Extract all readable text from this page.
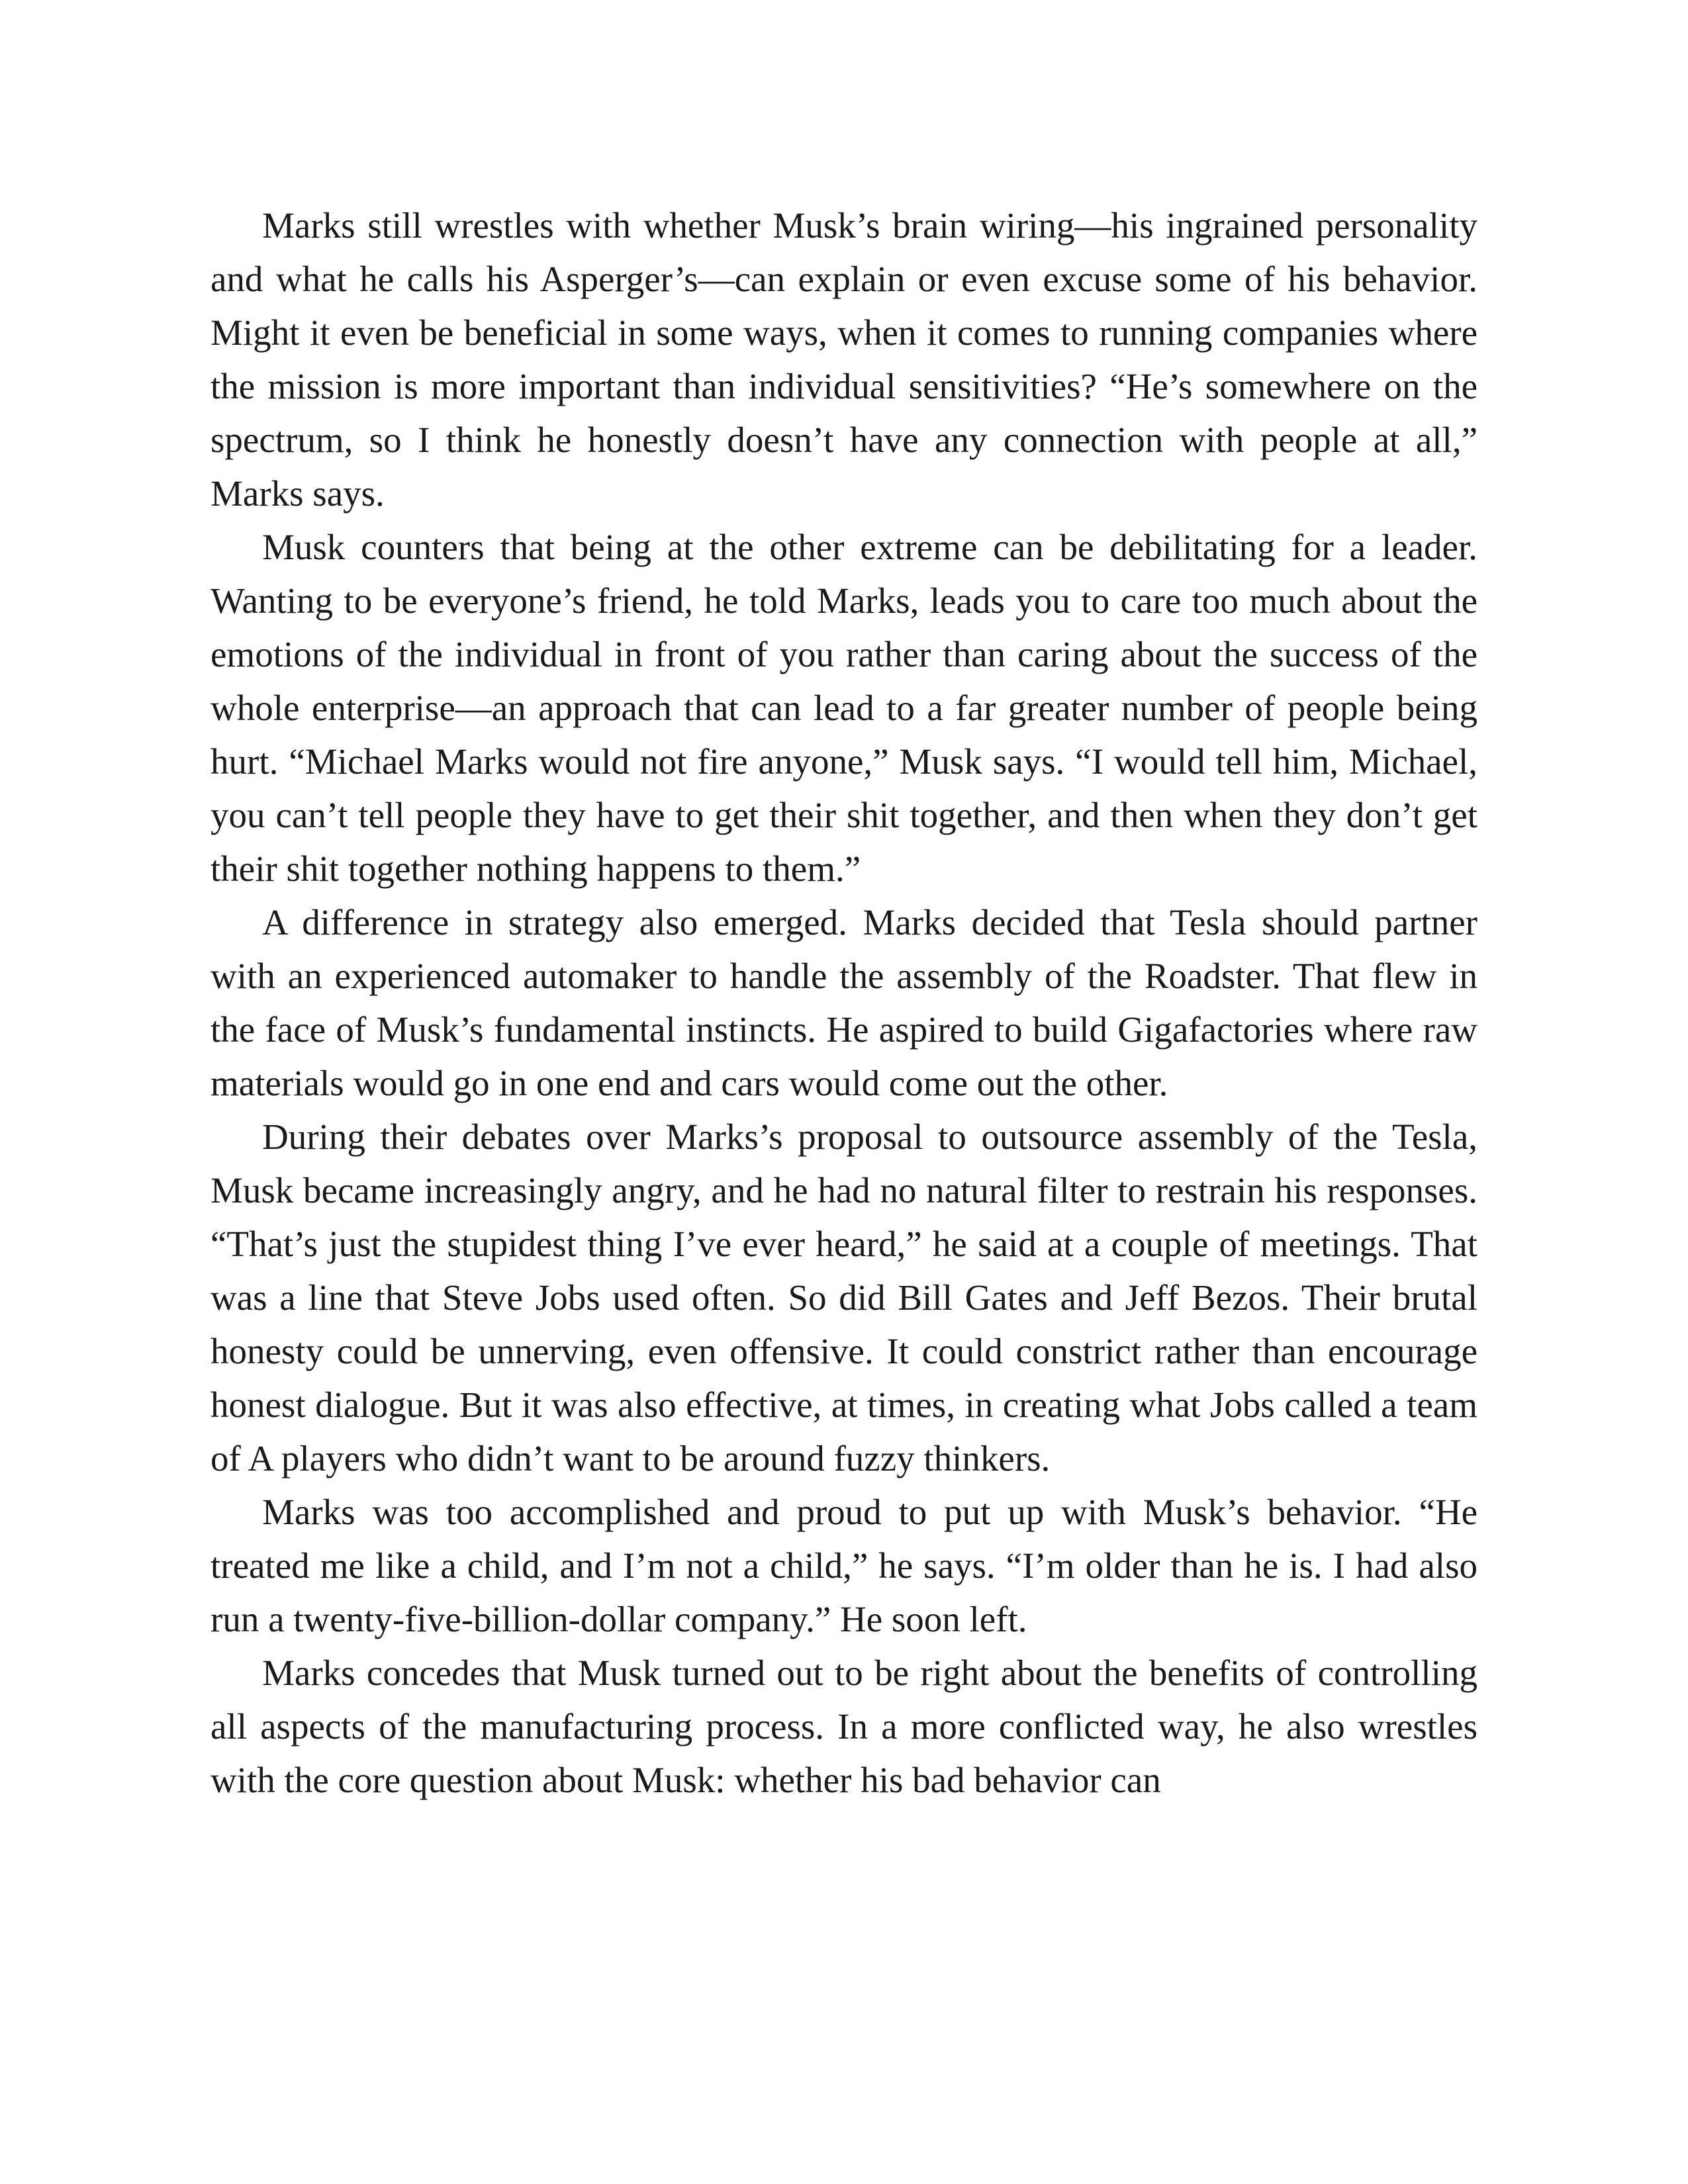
Marks still wrestles with whether Musk’s brain wiring—his ingrained personality and what he calls his Asperger’s—can explain or even excuse some of his behavior. Might it even be beneficial in some ways, when it comes to running companies where the mission is more important than individual sensitivities? “He’s somewhere on the spectrum, so I think he honestly doesn’t have any connection with people at all,” Marks says.

Musk counters that being at the other extreme can be debilitating for a leader. Wanting to be everyone’s friend, he told Marks, leads you to care too much about the emotions of the individual in front of you rather than caring about the success of the whole enterprise—an approach that can lead to a far greater number of people being hurt. “Michael Marks would not fire anyone,” Musk says. “I would tell him, Michael, you can’t tell people they have to get their shit together, and then when they don’t get their shit together nothing happens to them.”

A difference in strategy also emerged. Marks decided that Tesla should partner with an experienced automaker to handle the assembly of the Roadster. That flew in the face of Musk’s fundamental instincts. He aspired to build Gigafactories where raw materials would go in one end and cars would come out the other.

During their debates over Marks’s proposal to outsource assembly of the Tesla, Musk became increasingly angry, and he had no natural filter to restrain his responses. “That’s just the stupidest thing I’ve ever heard,” he said at a couple of meetings. That was a line that Steve Jobs used often. So did Bill Gates and Jeff Bezos. Their brutal honesty could be unnerving, even offensive. It could constrict rather than encourage honest dialogue. But it was also effective, at times, in creating what Jobs called a team of A players who didn’t want to be around fuzzy thinkers.

Marks was too accomplished and proud to put up with Musk’s behavior. “He treated me like a child, and I’m not a child,” he says. “I’m older than he is. I had also run a twenty-five-billion-dollar company.” He soon left.

Marks concedes that Musk turned out to be right about the benefits of controlling all aspects of the manufacturing process. In a more conflicted way, he also wrestles with the core question about Musk: whether his bad behavior can
